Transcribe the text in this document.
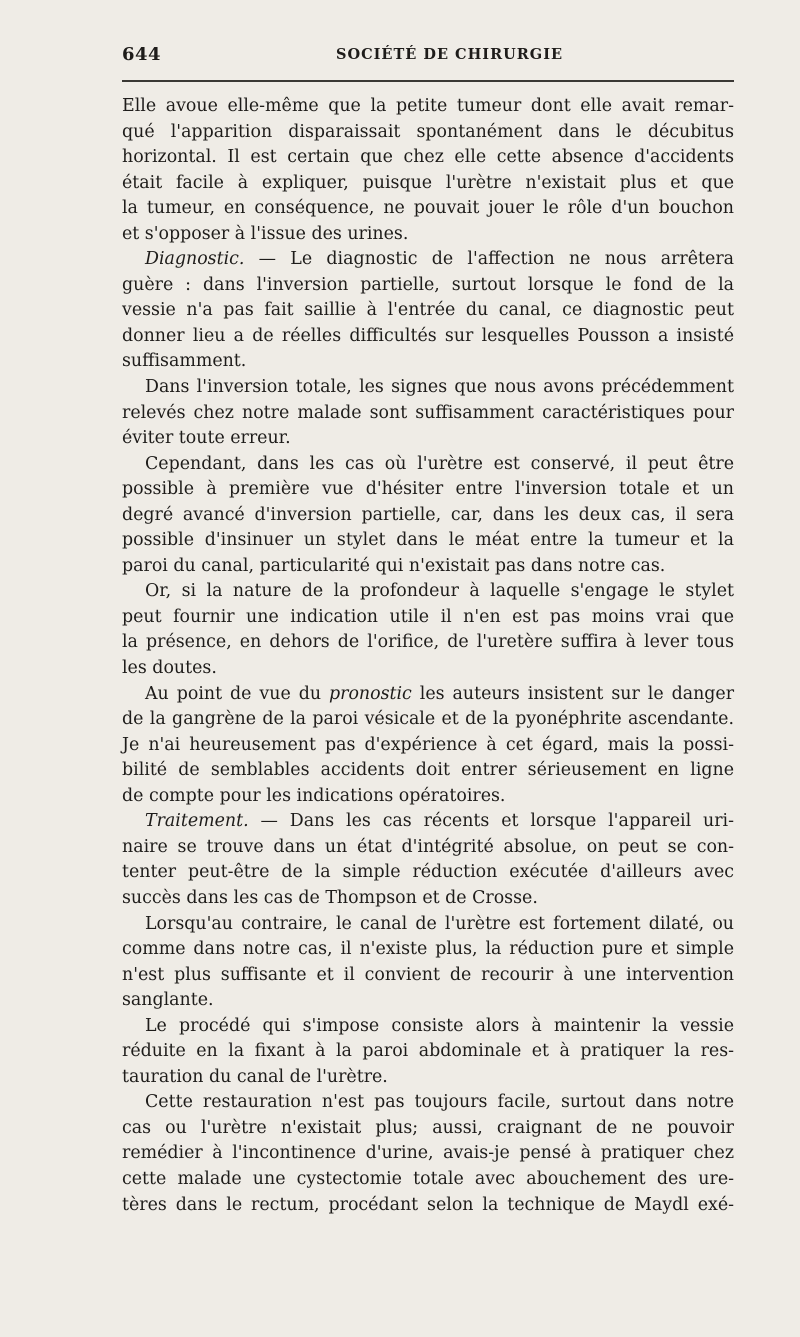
644	SOCIÉTÉ DE CHIRURGIE
Elle avoue elle-même que la petite tumeur dont elle avait remar-
qué l'apparition disparaissait spontanément dans le décubitus
horizontal. Il est certain que chez elle cette absence d'accidents
était facile à expliquer, puisque l'urètre n'existait plus et que
la tumeur, en conséquence, ne pouvait jouer le rôle d'un bouchon
et s'opposer à l'issue des urines.
Diagnostic. — Le diagnostic de l'affection ne nous arrêtera
guère : dans l'inversion partielle, surtout lorsque le fond de la
vessie n'a pas fait saillie à l'entrée du canal, ce diagnostic peut
donner lieu a de réelles difficultés sur lesquelles Pousson a insisté
suffisamment.
Dans l'inversion totale, les signes que nous avons précédemment
relevés chez notre malade sont suffisamment caractéristiques pour
éviter toute erreur.
Cependant, dans les cas où l'urètre est conservé, il peut être
possible à première vue d'hésiter entre l'inversion totale et un
degré avancé d'inversion partielle, car, dans les deux cas, il sera
possible d'insinuer un stylet dans le méat entre la tumeur et la
paroi du canal, particularité qui n'existait pas dans notre cas.
Or, si la nature de la profondeur à laquelle s'engage le stylet
peut fournir une indication utile il n'en est pas moins vrai que
la présence, en dehors de l'orifice, de l'uretère suffira à lever tous
les doutes.
Au point de vue du pronostic les auteurs insistent sur le danger
de la gangrène de la paroi vésicale et de la pyonéphrite ascendante.
Je n'ai heureusement pas d'expérience à cet égard, mais la possi-
bilité de semblables accidents doit entrer sérieusement en ligne
de compte pour les indications opératoires.
Traitement. — Dans les cas récents et lorsque l'appareil uri-
naire se trouve dans un état d'intégrité absolue, on peut se con-
tenter peut-être de la simple réduction exécutée d'ailleurs avec
succès dans les cas de Thompson et de Crosse.
Lorsqu'au contraire, le canal de l'urètre est fortement dilaté, ou
comme dans notre cas, il n'existe plus, la réduction pure et simple
n'est plus suffisante et il convient de recourir à une intervention
sanglante.
Le procédé qui s'impose consiste alors à maintenir la vessie
réduite en la fixant à la paroi abdominale et à pratiquer la res-
tauration du canal de l'urètre.
Cette restauration n'est pas toujours facile, surtout dans notre
cas ou l'urètre n'existait plus; aussi, craignant de ne pouvoir
remédier à l'incontinence d'urine, avais-je pensé à pratiquer chez
cette malade une cystectomie totale avec abouchement des ure-
tères dans le rectum, procédant selon la technique de Maydl exé-
